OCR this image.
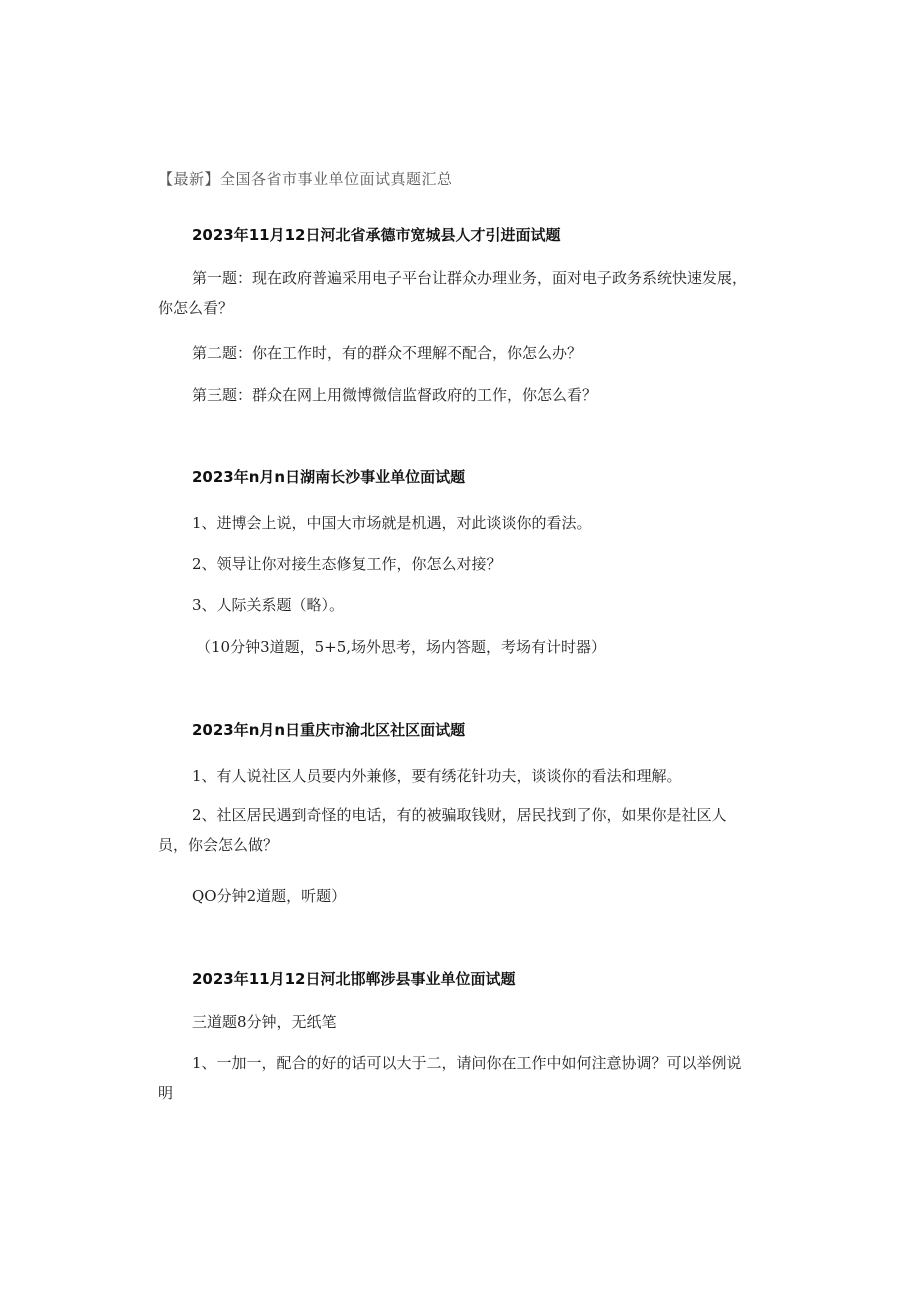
【最新】全国各省市事业单位面试真题汇总
2023年11月12日河北省承德市宽城县人才引进面试题
第一题：现在政府普遍采用电子平台让群众办理业务，面对电子政务系统快速发展，你怎么看？
第二题：你在工作时，有的群众不理解不配合，你怎么办？
第三题：群众在网上用微博微信监督政府的工作，你怎么看？
2023年n月n日湖南长沙事业单位面试题
1、进博会上说，中国大市场就是机遇，对此谈谈你的看法。
2、领导让你对接生态修复工作，你怎么对接？
3、人际关系题（略）。
（10分钟3道题，5+5,场外思考，场内答题，考场有计时器）
2023年n月n日重庆市渝北区社区面试题
1、有人说社区人员要内外兼修，要有绣花针功夫，谈谈你的看法和理解。
2、社区居民遇到奇怪的电话，有的被骗取钱财，居民找到了你，如果你是社区人员，你会怎么做？
QO分钟2道题，听题）
2023年11月12日河北邯郸涉县事业单位面试题
三道题8分钟，无纸笔
1、一加一，配合的好的话可以大于二，请问你在工作中如何注意协调？可以举例说明
